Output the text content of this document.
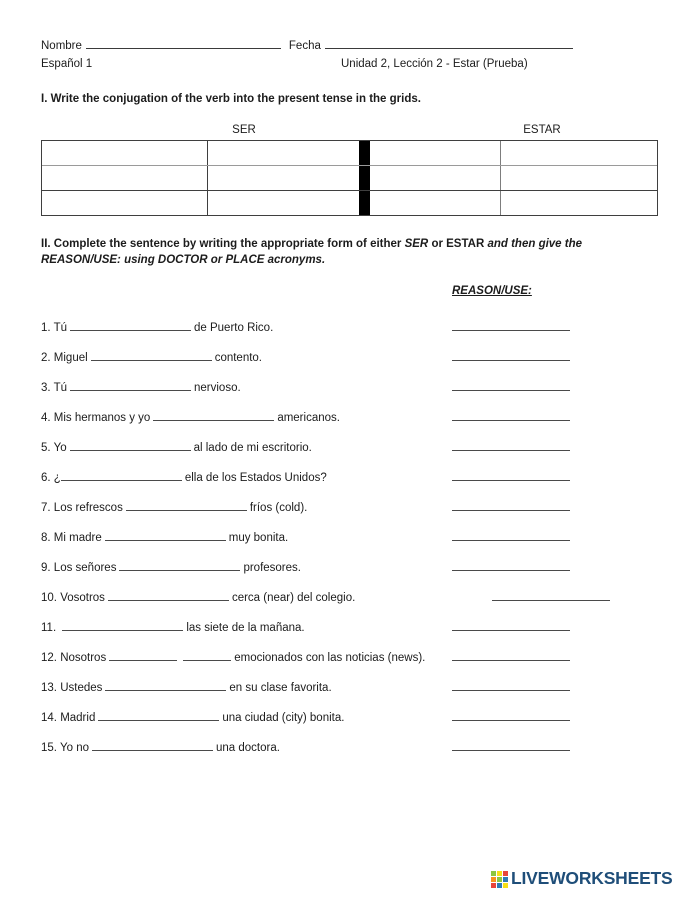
Nombre	Fecha
Español 1	Unidad 2, Lección 2 - Estar (Prueba)
I. Write the conjugation of the verb into the present tense in the grids.
SER	ESTAR
II. Complete the sentence by writing the appropriate form of either SER or ESTAR and then give the REASON/USE: using DOCTOR or PLACE acronyms.
REASON/USE:
1. Tú	de Puerto Rico.
2. Miguel	contento.
3. Tú	nervioso.
4. Mis hermanos y yo	americanos.
5. Yo	al lado de mi escritorio.
6. ¿	ella de los Estados Unidos?
7. Los refrescos	fríos (cold).
8. Mi madre	muy bonita.
9. Los señores	profesores.
10. Vosotros	cerca (near) del colegio.
11.	las siete de la mañana.
12. Nosotros	emocionados con las noticias (news).
13. Ustedes	en su clase favorita.
14. Madrid	una ciudad (city) bonita.
15. Yo no	una doctora.
LIVEWORKSHEETS
